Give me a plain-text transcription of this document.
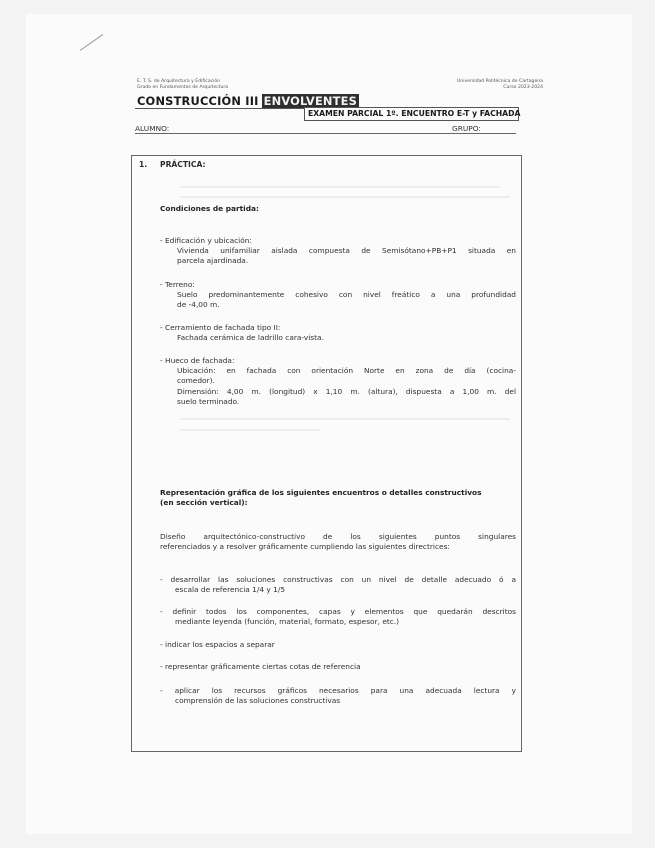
E. T. S. de Arquitectura y Edificación
Grado en Fundamentos de Arquitectura
Universidad Politécnica de Cartagena
Curso 2023-2024
CONSTRUCCIÓN III ENVOLVENTES
EXAMEN PARCIAL 1º. ENCUENTRO E-T y FACHADA
ALUMNO:	GRUPO:
1. PRÁCTICA:
Condiciones de partida:
- Edificación y ubicación:
Vivienda unifamiliar aislada compuesta de Semisótano+PB+P1 situada en
parcela ajardinada.
- Terreno:
Suelo predominantemente cohesivo con nivel freático a una profundidad
de -4,00 m.
- Cerramiento de fachada tipo II:
Fachada cerámica de ladrillo cara-vista.
- Hueco de fachada:
Ubicación: en fachada con orientación Norte en zona de día (cocina-
comedor).
Dimensión: 4,00 m. (longitud) x 1,10 m. (altura), dispuesta a 1,00 m. del
suelo terminado.
Representación gráfica de los siguientes encuentros o detalles constructivos
(en sección vertical):
Diseño arquitectónico-constructivo de los siguientes puntos singulares
referenciados y a resolver gráficamente cumpliendo las siguientes directrices:
- desarrollar las soluciones constructivas con un nivel de detalle adecuado ó a
escala de referencia 1/4 y 1/5
- definir todos los componentes, capas y elementos que quedarán descritos
mediante leyenda (función, material, formato, espesor, etc.)
- indicar los espacios a separar
- representar gráficamente ciertas cotas de referencia
- aplicar los recursos gráficos necesarios para una adecuada lectura y
comprensión de las soluciones constructivas
